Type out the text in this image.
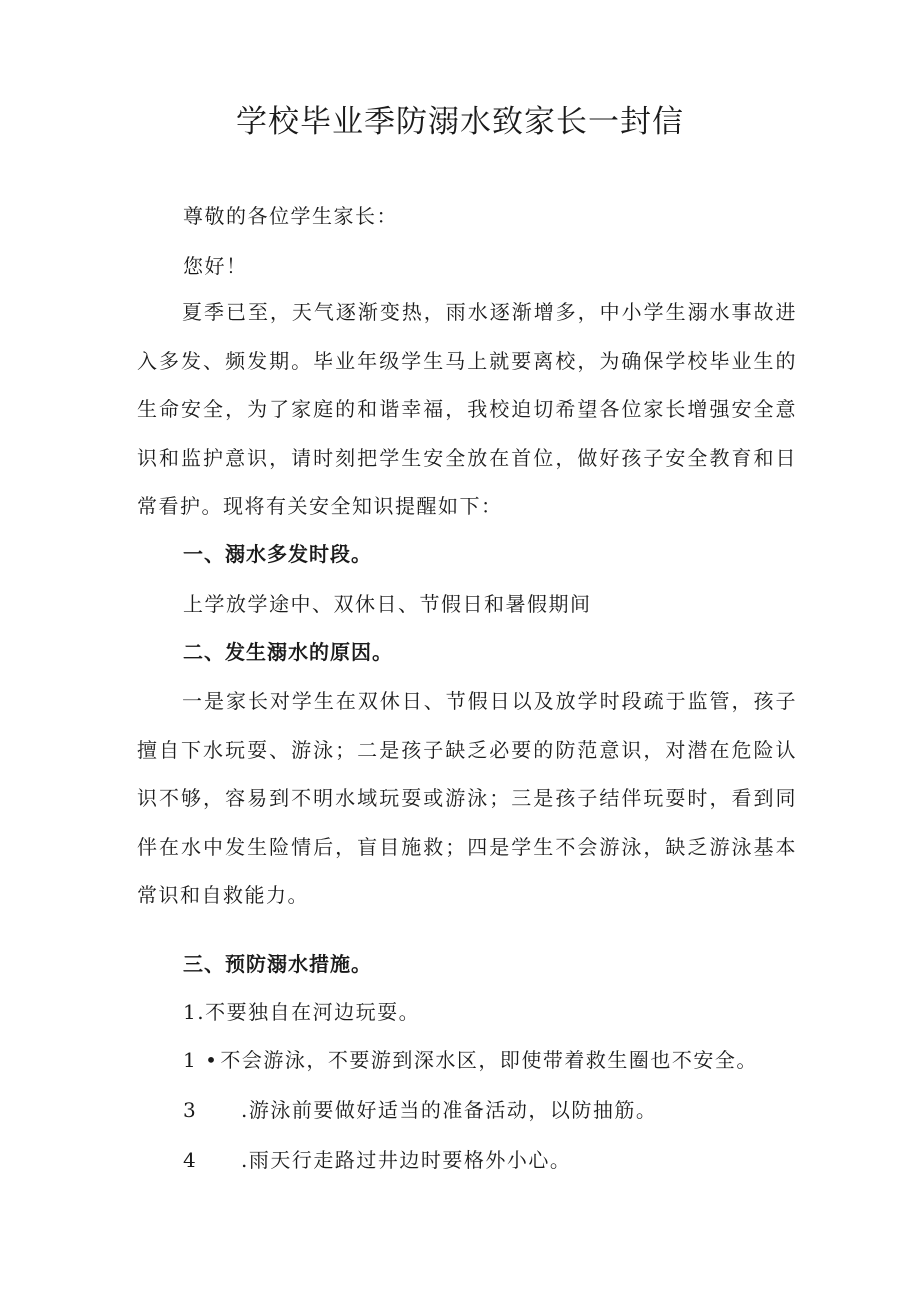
学校毕业季防溺水致家长一封信

尊敬的各位学生家长：

您好！

夏季已至，天气逐渐变热，雨水逐渐增多，中小学生溺水事故进入多发、频发期。毕业年级学生马上就要离校，为确保学校毕业生的生命安全，为了家庭的和谐幸福，我校迫切希望各位家长增强安全意识和监护意识，请时刻把学生安全放在首位，做好孩子安全教育和日常看护。现将有关安全知识提醒如下：

一、溺水多发时段。

上学放学途中、双休日、节假日和暑假期间

二、发生溺水的原因。

一是家长对学生在双休日、节假日以及放学时段疏于监管，孩子擅自下水玩耍、游泳；二是孩子缺乏必要的防范意识，对潜在危险认识不够，容易到不明水域玩耍或游泳；三是孩子结伴玩耍时，看到同伴在水中发生险情后，盲目施救；四是学生不会游泳，缺乏游泳基本常识和自救能力。

三、预防溺水措施。

1.不要独自在河边玩耍。

1 • 不会游泳，不要游到深水区，即使带着救生圈也不安全。

3 .游泳前要做好适当的准备活动，以防抽筋。

4 .雨天行走路过井边时要格外小心。
